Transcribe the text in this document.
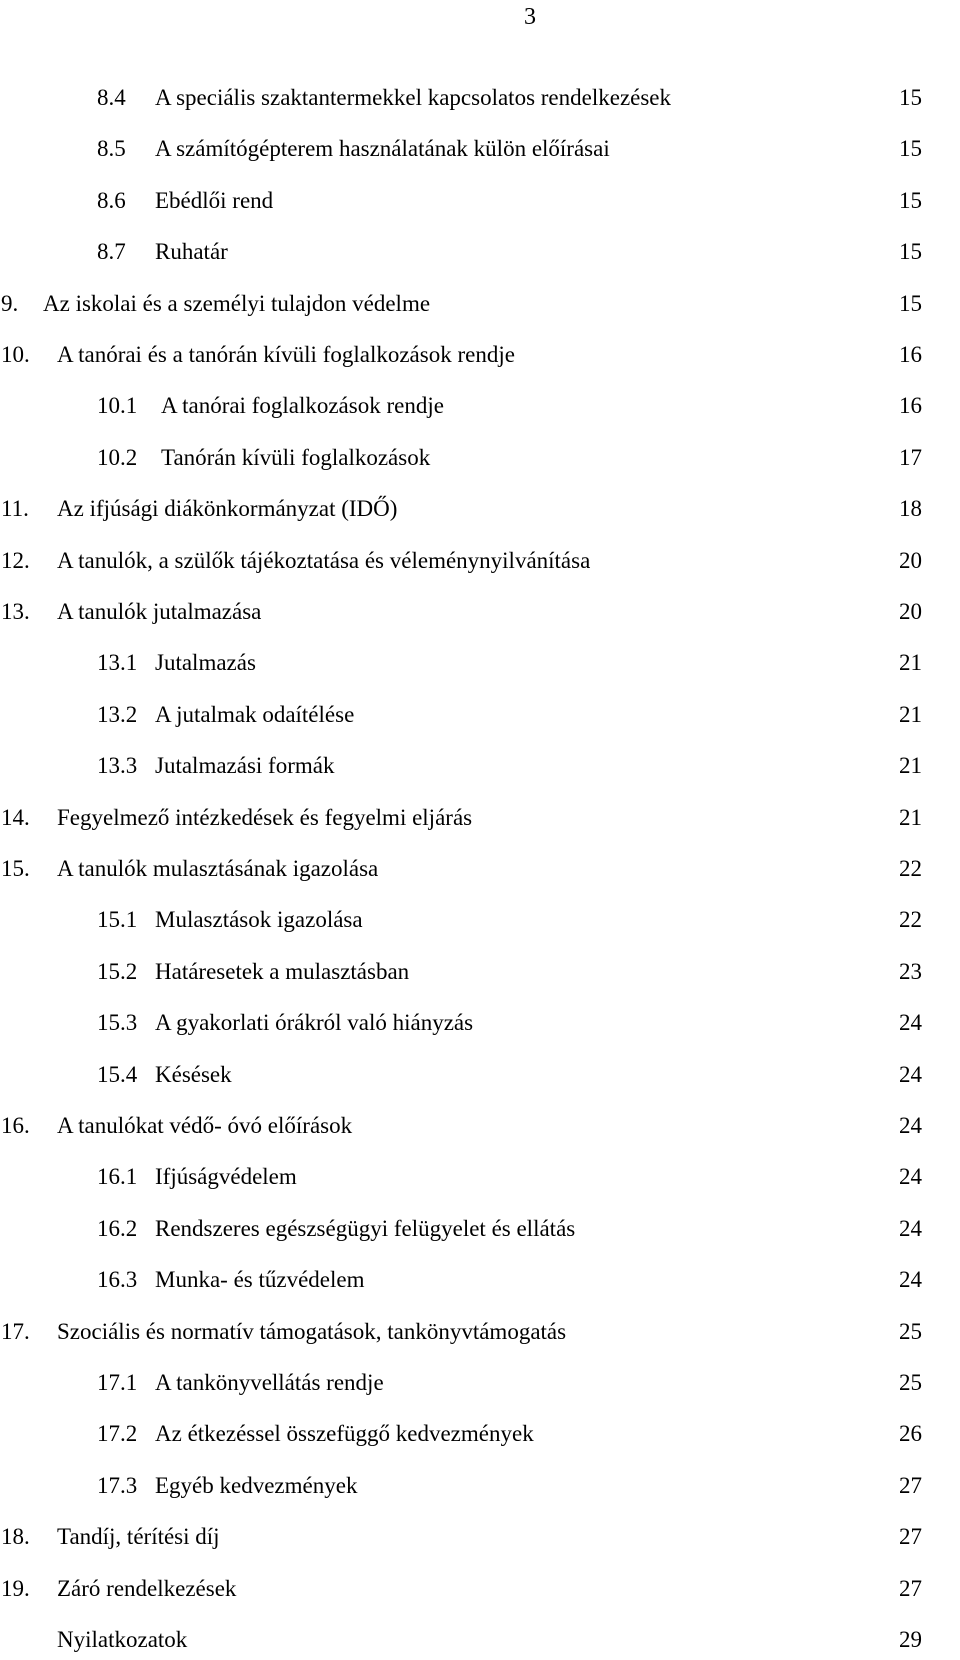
3
8.4 A speciális szaktantermekkel kapcsolatos rendelkezések	15
8.5 A számítógépterem használatának külön előírásai	15
8.6 Ebédlői rend	15
8.7 Ruhatár	15
9. Az iskolai és a személyi tulajdon védelme	15
10. A tanórai és a tanórán kívüli foglalkozások rendje	16
10.1 A tanórai foglalkozások rendje	16
10.2 Tanórán kívüli foglalkozások	17
11. Az ifjúsági diákönkormányzat (IDŐ)	18
12. A tanulók, a szülők tájékoztatása és véleménynyilvánítása	20
13. A tanulók jutalmazása	20
13.1 Jutalmazás	21
13.2 A jutalmak odaítélése	21
13.3 Jutalmazási formák	21
14. Fegyelmező intézkedések és fegyelmi eljárás	21
15. A tanulók mulasztásának igazolása	22
15.1 Mulasztások igazolása	22
15.2 Határesetek a mulasztásban	23
15.3 A gyakorlati órákról való hiányzás	24
15.4 Késések	24
16. A tanulókat védő- óvó előírások	24
16.1 Ifjúságvédelem	24
16.2 Rendszeres egészségügyi felügyelet és ellátás	24
16.3 Munka- és tűzvédelem	24
17. Szociális és normatív támogatások, tankönyvtámogatás	25
17.1 A tankönyvellátás rendje	25
17.2 Az étkezéssel összefüggő kedvezmények	26
17.3 Egyéb kedvezmények	27
18. Tandíj, térítési díj	27
19. Záró rendelkezések	27
Nyilatkozatok	29
